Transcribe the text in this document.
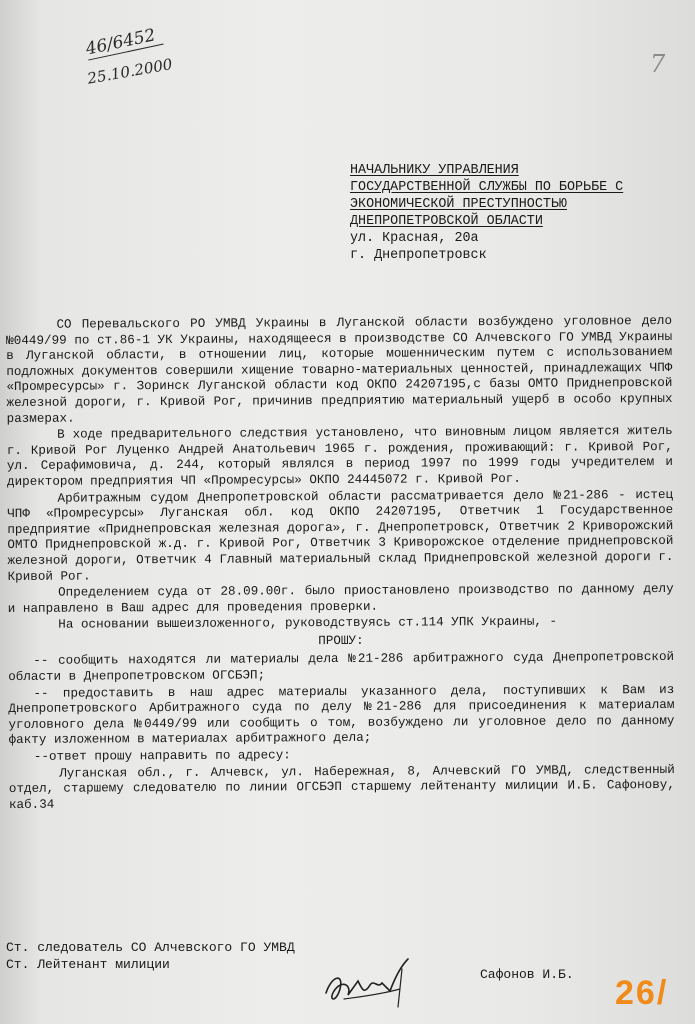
46/6452
25.10.2000	7
НАЧАЛЬНИКУ УПРАВЛЕНИЯ
ГОСУДАРСТВЕННОЙ СЛУЖБЫ ПО БОРЬБЕ С
ЭКОНОМИЧЕСКОЙ ПРЕСТУПНОСТЬЮ
ДНЕПРОПЕТРОВСКОЙ ОБЛАСТИ
ул. Красная, 20а
г. Днепропетровск

СО Перевальского РО УМВД Украины в Луганской области возбуждено уголовное дело №0449/99 по ст.86-1 УК Украины, находящееся в производстве СО Алчевского ГО УМВД Украины в Луганской области, в отношении лиц, которые мошенническим путем с использованием подложных документов совершили хищение товарно-материальных ценностей, принадлежащих ЧПФ «Промресурсы» г. Зоринск Луганской области код ОКПО 24207195,с базы ОМТО Приднепровской железной дороги, г. Кривой Рог, причинив предприятию материальный ущерб в особо крупных размерах.

В ходе предварительного следствия установлено, что виновным лицом является житель г. Кривой Рог Луценко Андрей Анатольевич 1965 г. рождения, проживающий: г. Кривой Рог, ул. Серафимовича, д. 244, который являлся в период 1997 по 1999 годы учредителем и директором предприятия ЧП «Промресурсы» ОКПО 24445072 г. Кривой Рог.

Арбитражным судом Днепропетровской области рассматривается дело №21-286 - истец ЧПФ «Промресурсы» Луганская обл. код ОКПО 24207195, Ответчик 1 Государственное предприятие «Приднепровская железная дорога», г. Днепропетровск, Ответчик 2 Криворожский ОМТО Приднепровской ж.д. г. Кривой Рог, Ответчик 3 Криворожское отделение приднепровской железной дороги, Ответчик 4 Главный материальный склад Приднепровской железной дороги г. Кривой Рог.

Определением суда от 28.09.00г. было приостановлено производство по данному делу и направлено в Ваш адрес для проведения проверки.

На основании вышеизложенного, руководствуясь ст.114 УПК Украины, -

ПРОШУ:

-- сообщить находятся ли материалы дела №21-286 арбитражного суда Днепропетровской области в Днепропетровском ОГСБЭП;

-- предоставить в наш адрес материалы указанного дела, поступивших к Вам из Днепропетровского Арбитражного суда по делу №21-286 для присоединения к материалам уголовного дела №0449/99 или сообщить о том, возбуждено ли уголовное дело по данному факту изложенном в материалах арбитражного дела;

--ответ прошу направить по адресу:

Луганская обл., г. Алчевск, ул. Набережная, 8, Алчевский ГО УМВД, следственный отдел, старшему следователю по линии ОГСБЭП старшему лейтенанту милиции И.Б. Сафонову, каб.34

Ст. следователь СО Алчевского ГО УМВД
Ст. Лейтенант милиции
Сафонов И.Б. 26/
